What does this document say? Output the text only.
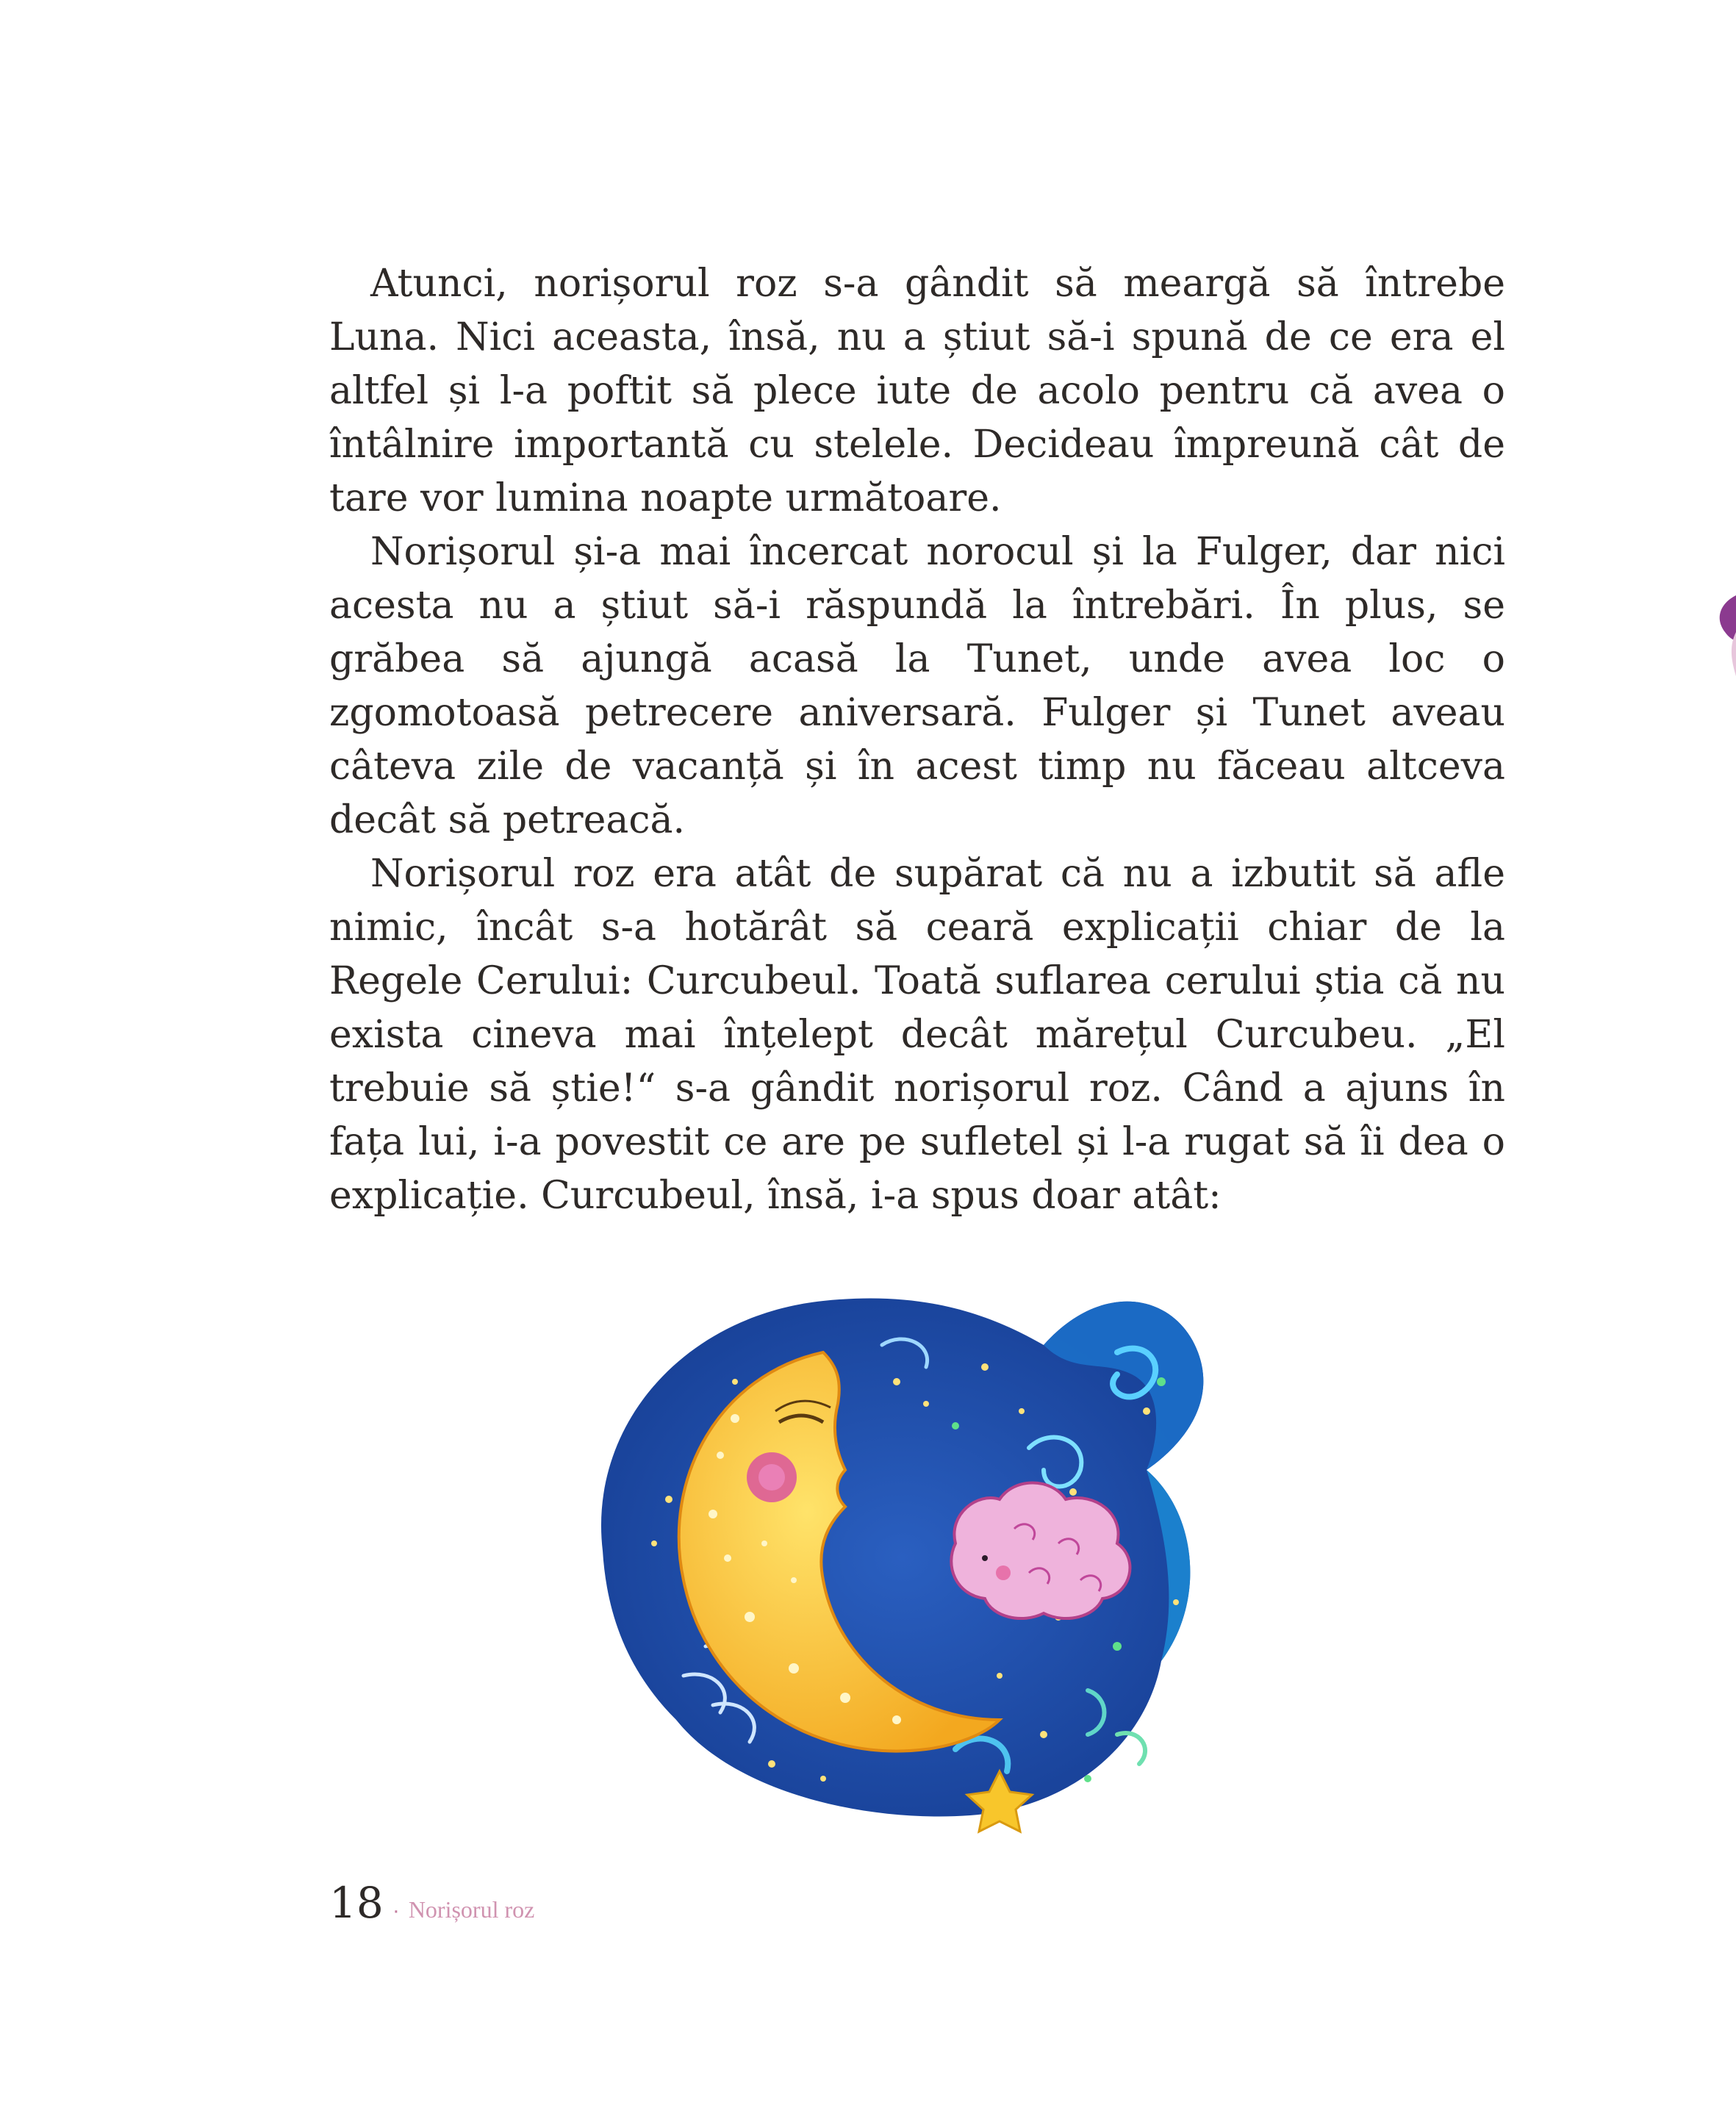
Atunci, norișorul roz s-a gândit să meargă să întrebe Luna. Nici aceasta, însă, nu a știut să-i spună de ce era el altfel și l-a poftit să plece iute de acolo pentru că avea o întâlnire importantă cu stelele. Decideau împreună cât de tare vor lumina noapte următoare.

Norișorul și-a mai încercat norocul și la Fulger, dar nici acesta nu a știut să-i răspundă la întrebări. În plus, se grăbea să ajungă acasă la Tunet, unde avea loc o zgomotoasă petrecere aniversară. Fulger și Tunet aveau câteva zile de vacanță și în acest timp nu făceau altceva decât să petreacă.

Norișorul roz era atât de supărat că nu a izbutit să afle nimic, încât s-a hotărât să ceară explicații chiar de la Regele Cerului: Curcubeul. Toată suflarea cerului știa că nu exista cineva mai înțelept decât mărețul Curcubeu. „El trebuie să știe!“ s-a gândit norișorul roz. Când a ajuns în fața lui, i-a povestit ce are pe sufletel și l-a rugat să îi dea o explicație. Curcubeul, însă, i-a spus doar atât:

18 · Norișorul roz
